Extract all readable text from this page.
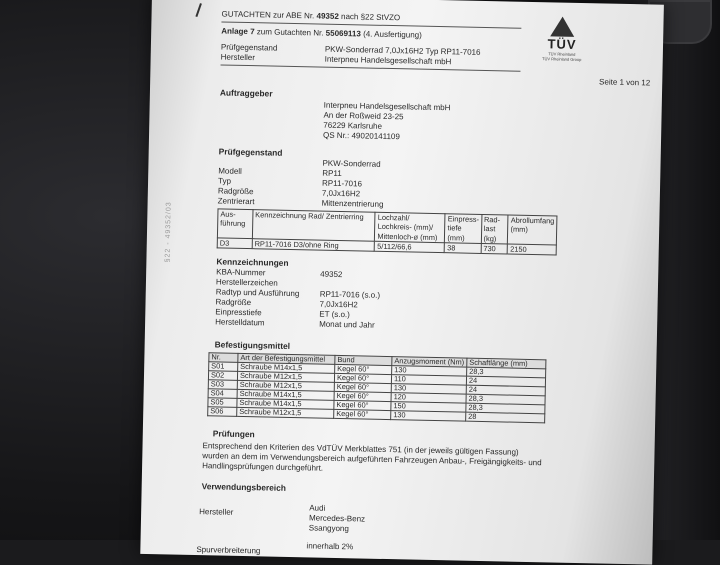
§22 - 49352/03
TÜV
TÜV Rheinland
TÜV Rheinland Group
GUTACHTEN zur ABE Nr. 49352 nach §22 StVZO
Anlage 7 zum Gutachten Nr. 55069113 (4. Ausfertigung)
Prüfgegenstand	PKW-Sonderrad 7,0Jx16H2 Typ RP11-7016
Hersteller	Interpneu Handelsgesellschaft mbH
Seite 1 von 12
Auftraggeber
Interpneu Handelsgesellschaft mbH
An der Roßweid 23-25
76229 Karlsruhe
QS Nr.: 49020141109
Prüfgegenstand
PKW-Sonderrad
Modell	RP11
Typ	RP11-7016
Radgröße	7,0Jx16H2
Zentrierart	Mittenzentrierung
Aus-führung	Kennzeichnung Rad/ Zentrierring	Lochzahl/ Lochkreis- (mm)/ Mittenloch-ø (mm)	Einpress-tiefe (mm)	Rad-last (kg)	Abrollumfang (mm)
D3	RP11-7016 D3/ohne Ring	5/112/66,6	38	730	2150
Kennzeichnungen
KBA-Nummer	49352
Herstellerzeichen
Radtyp und Ausführung	RP11-7016 (s.o.)
Radgröße	7,0Jx16H2
Einpresstiefe	ET (s.o.)
Herstelldatum	Monat und Jahr
Befestigungsmittel
Nr.	Art der Befestigungsmittel	Bund	Anzugsmoment (Nm)	Schaftlänge (mm)
S01	Schraube M14x1,5	Kegel 60°	130	28,3
S02	Schraube M12x1,5	Kegel 60°	110	24
S03	Schraube M12x1,5	Kegel 60°	130	24
S04	Schraube M14x1,5	Kegel 60°	120	28,3
S05	Schraube M14x1,5	Kegel 60°	150	28,3
S06	Schraube M12x1,5	Kegel 60°	130	28
Prüfungen
Entsprechend den Kriterien des VdTÜV Merkblattes 751 (in der jeweils gültigen Fassung) wurden an dem im Verwendungsbereich aufgeführten Fahrzeugen Anbau-, Freigängigkeits- und Handlingsprüfungen durchgeführt.
Verwendungsbereich
Hersteller	Audi
Mercedes-Benz
Ssangyong
Spurverbreiterung	innerhalb 2%
